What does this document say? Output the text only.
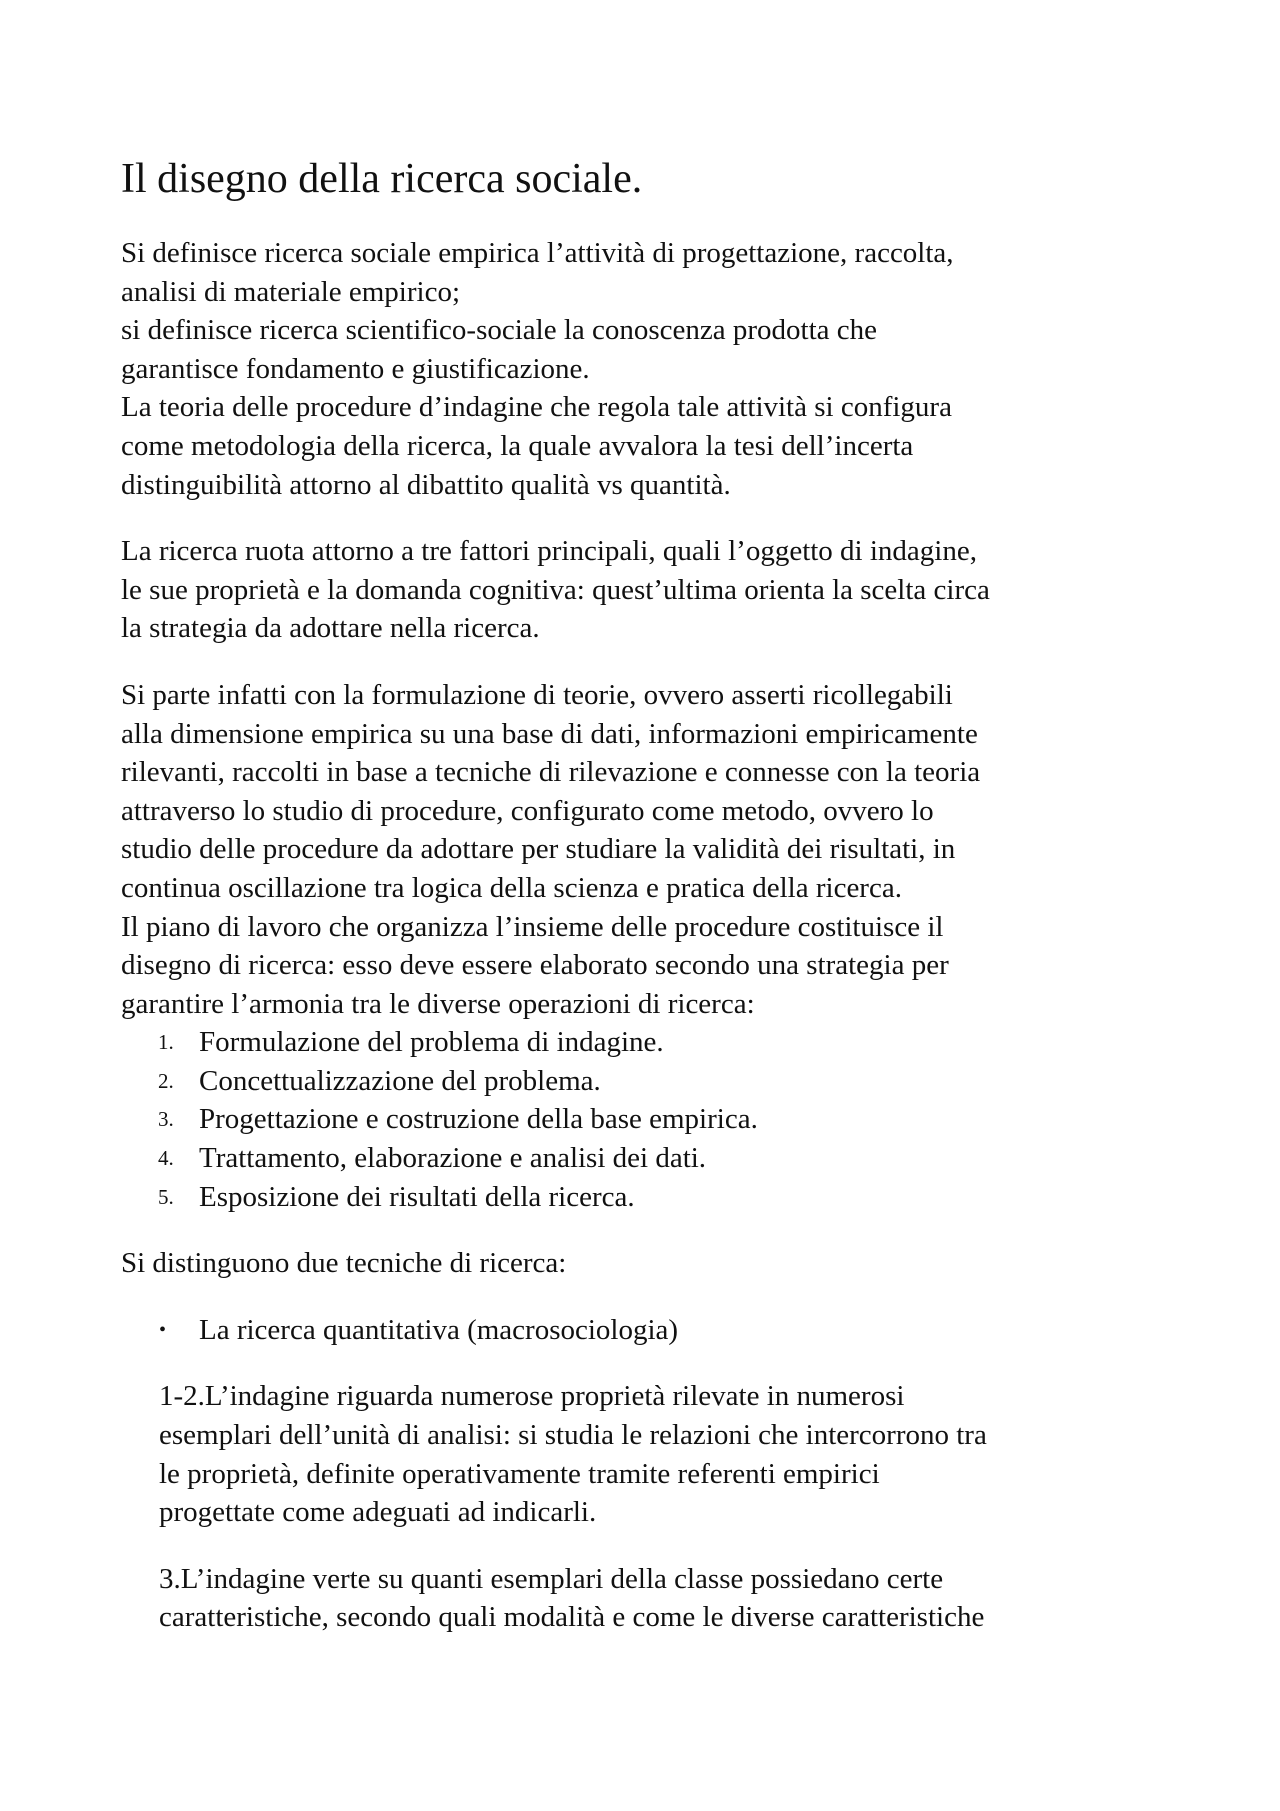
Il disegno della ricerca sociale.

Si definisce ricerca sociale empirica l’attività di progettazione, raccolta,
analisi di materiale empirico;
si definisce ricerca scientifico-sociale la conoscenza prodotta che
garantisce fondamento e giustificazione.
La teoria delle procedure d’indagine che regola tale attività si configura
come metodologia della ricerca, la quale avvalora la tesi dell’incerta
distinguibilità attorno al dibattito qualità vs quantità.

La ricerca ruota attorno a tre fattori principali, quali l’oggetto di indagine,
le sue proprietà e la domanda cognitiva: quest’ultima orienta la scelta circa
la strategia da adottare nella ricerca.

Si parte infatti con la formulazione di teorie, ovvero asserti ricollegabili
alla dimensione empirica su una base di dati, informazioni empiricamente
rilevanti, raccolti in base a tecniche di rilevazione e connesse con la teoria
attraverso lo studio di procedure, configurato come metodo, ovvero lo
studio delle procedure da adottare per studiare la validità dei risultati, in
continua oscillazione tra logica della scienza e pratica della ricerca.
Il piano di lavoro che organizza l’insieme delle procedure costituisce il
disegno di ricerca: esso deve essere elaborato secondo una strategia per
garantire l’armonia tra le diverse operazioni di ricerca:

1. Formulazione del problema di indagine.
2. Concettualizzazione del problema.
3. Progettazione e costruzione della base empirica.
4. Trattamento, elaborazione e analisi dei dati.
5. Esposizione dei risultati della ricerca.

Si distinguono due tecniche di ricerca:

• La ricerca quantitativa (macrosociologia)

1-2.L’indagine riguarda numerose proprietà rilevate in numerosi
esemplari dell’unità di analisi: si studia le relazioni che intercorrono tra
le proprietà, definite operativamente tramite referenti empirici
progettate come adeguati ad indicarli.

3.L’indagine verte su quanti esemplari della classe possiedano certe
caratteristiche, secondo quali modalità e come le diverse caratteristiche
